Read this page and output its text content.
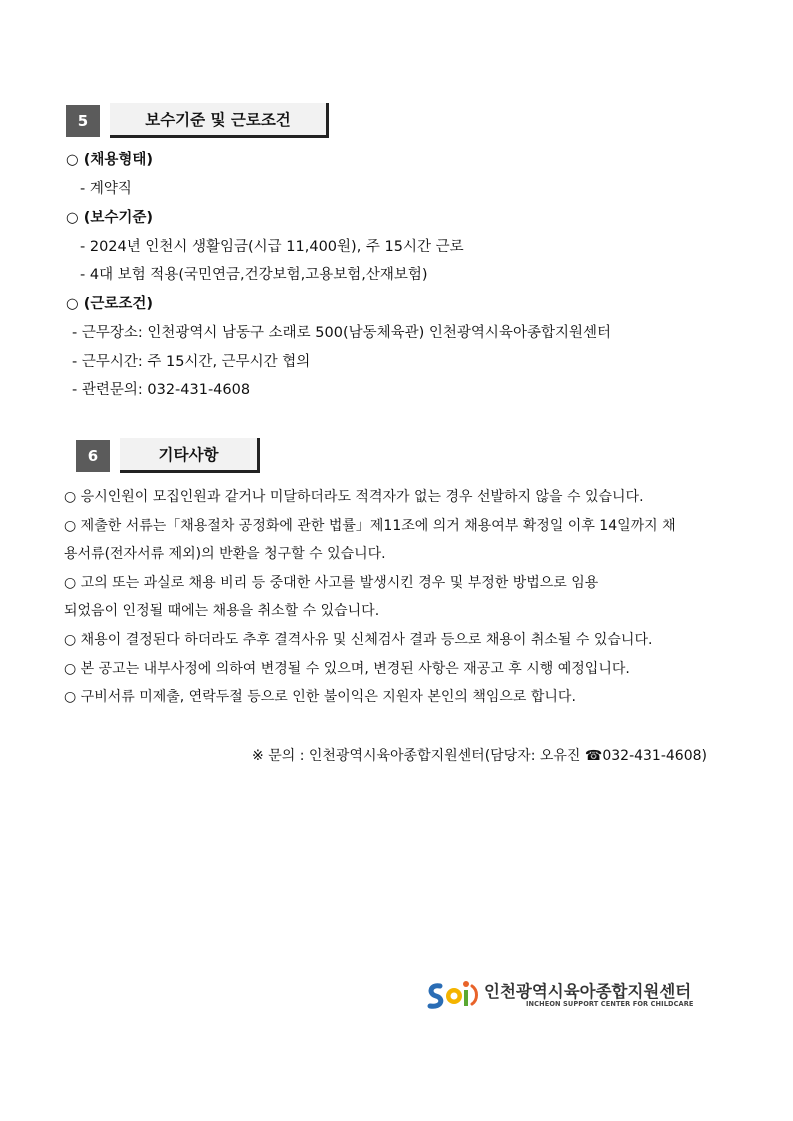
5	보수기준 및 근로조건
○ (채용형태)
- 계약직
○ (보수기준)
- 2024년 인천시 생활임금(시급 11,400원), 주 15시간 근로
- 4대 보험 적용(국민연금,건강보험,고용보험,산재보험)
○ (근로조건)
- 근무장소: 인천광역시 남동구 소래로 500(남동체육관) 인천광역시육아종합지원센터
- 근무시간: 주 15시간, 근무시간 협의
- 관련문의: 032-431-4608
6	기타사항

○ 응시인원이 모집인원과 같거나 미달하더라도 적격자가 없는 경우 선발하지 않을 수 있습니다.

○ 제출한 서류는「채용절차 공정화에 관한 법률」제11조에 의거 채용여부 확정일 이후 14일까지 채

용서류(전자서류 제외)의 반환을 청구할 수 있습니다.

○ 고의 또는 과실로 채용 비리 등 중대한 사고를 발생시킨 경우 및 부정한 방법으로 임용

되었음이 인정될 때에는 채용을 취소할 수 있습니다.

○ 채용이 결정된다 하더라도 추후 결격사유 및 신체검사 결과 등으로 채용이 취소될 수 있습니다.

○ 본 공고는 내부사정에 의하여 변경될 수 있으며, 변경된 사항은 재공고 후 시행 예정입니다.

○ 구비서류 미제출, 연락두절 등으로 인한 불이익은 지원자 본인의 책임으로 합니다.

※ 문의 : 인천광역시육아종합지원센터(담당자: 오유진 ☎032-431-4608)
인천광역시육아종합지원센터
INCHEON SUPPORT CENTER FOR CHILDCARE
